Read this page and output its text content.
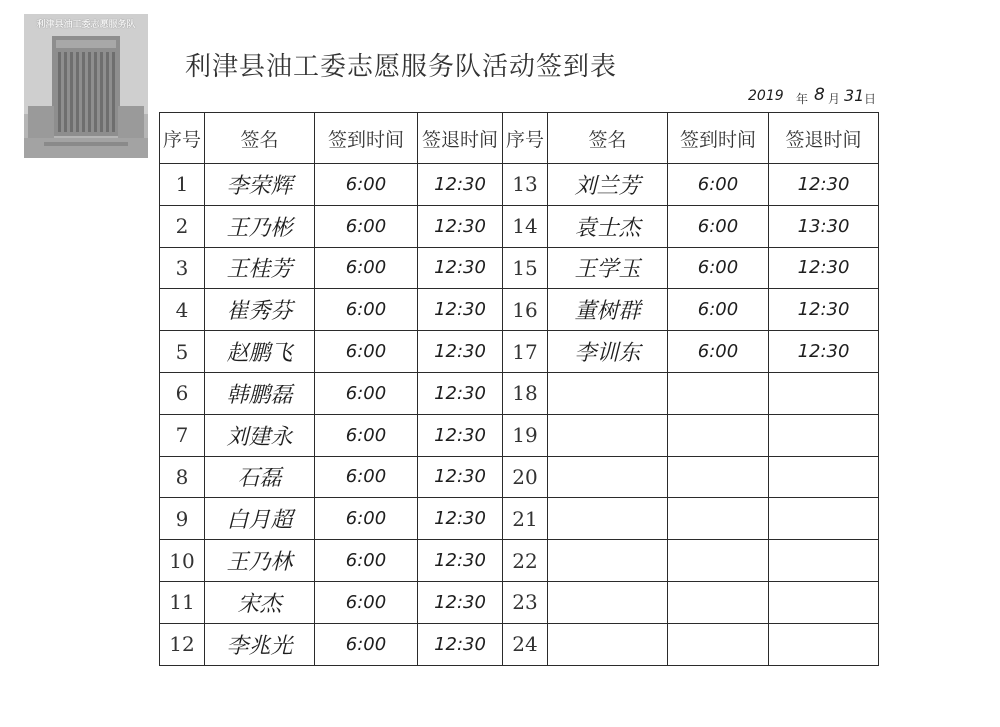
利津县油工委志愿服务队
利津县油工委志愿服务队活动签到表
2019 年 8 月 31 日
序号	签名	签到时间	签退时间	序号	签名	签到时间	签退时间
1	李荣辉	6:00	12:30	13	刘兰芳	6:00	12:30
2	王乃彬	6:00	12:30	14	袁士杰	6:00	13:30
3	王桂芳	6:00	12:30	15	王学玉	6:00	12:30
4	崔秀芬	6:00	12:30	16	董树群	6:00	12:30
5	赵鹏飞	6:00	12:30	17	李训东	6:00	12:30
6	韩鹏磊	6:00	12:30	18			
7	刘建永	6:00	12:30	19			
8	石磊	6:00	12:30	20			
9	白月超	6:00	12:30	21			
10	王乃林	6:00	12:30	22			
11	宋杰	6:00	12:30	23			
12	李兆光	6:00	12:30	24			
